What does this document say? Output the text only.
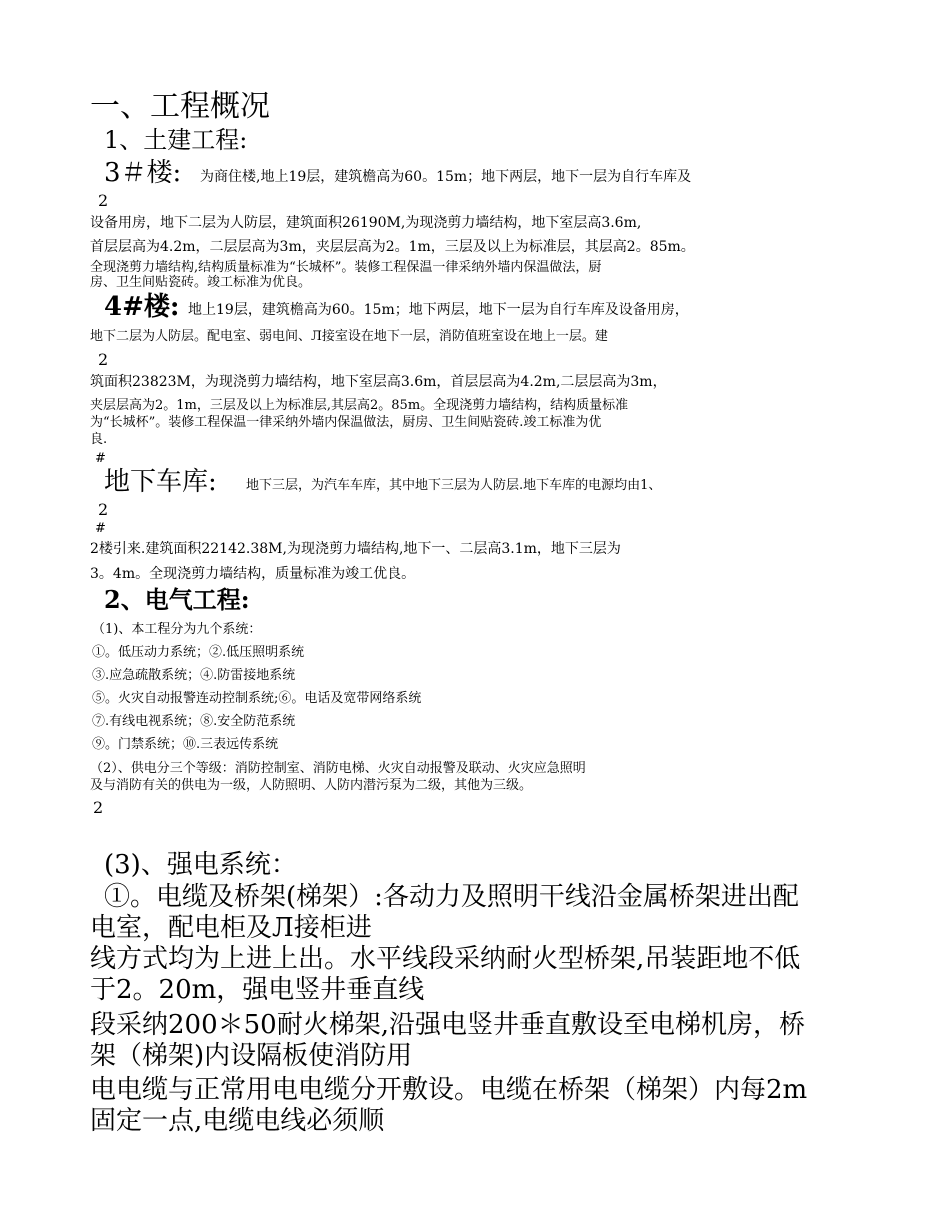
一、工程概况
1、土建工程:
3＃楼: 为商住楼,地上19层，建筑檐高为60。15m；地下两层，地下一层为自行车库及
2
设备用房，地下二层为人防层，建筑面积26190M,为现浇剪力墙结构，地下室层高3.6m,
首层层高为4.2m，二层层高为3m，夹层层高为2。1m，三层及以上为标准层，其层高2。85m。
全现浇剪力墙结构,结构质量标准为“长城杯”。装修工程保温一律采纳外墙内保温做法，厨
房、卫生间贴瓷砖。竣工标准为优良。
4#楼: 地上19层，建筑檐高为60。15m；地下两层，地下一层为自行车库及设备用房，
地下二层为人防层。配电室、弱电间、Л接室设在地下一层，消防值班室设在地上一层。建
2
筑面积23823M，为现浇剪力墙结构，地下室层高3.6m，首层层高为4.2m,二层层高为3m，
夹层层高为2。1m，三层及以上为标准层,其层高2。85m。全现浇剪力墙结构，结构质量标准
为“长城杯”。装修工程保温一律采纳外墙内保温做法，厨房、卫生间贴瓷砖.竣工标准为优
良.
#
地下车库: 地下三层，为汽车车库，其中地下三层为人防层.地下车库的电源均由1、
2
#
2楼引来.建筑面积22142.38M,为现浇剪力墙结构,地下一、二层高3.1m，地下三层为
3。4m。全现浇剪力墙结构，质量标准为竣工优良。
2、电气工程:
（1)、本工程分为九个系统：
①。低压动力系统；②.低压照明系统
③.应急疏散系统；④.防雷接地系统
⑤。火灾自动报警连动控制系统;⑥。电话及宽带网络系统
⑦.有线电视系统；⑧.安全防范系统
⑨。门禁系统；⑩.三表远传系统
（2）、供电分三个等级：消防控制室、消防电梯、火灾自动报警及联动、火灾应急照明
及与消防有关的供电为一级，人防照明、人防内潜污泵为二级，其他为三级。
2
(3)、强电系统：
①。电缆及桥架(梯架）:各动力及照明干线沿金属桥架进出配
电室，配电柜及Л接柜进
线方式均为上进上出。水平线段采纳耐火型桥架,吊装距地不低
于2。20m，强电竖井垂直线
段采纳200＊50耐火梯架,沿强电竖井垂直敷设至电梯机房，桥
架（梯架)内设隔板使消防用
电电缆与正常用电电缆分开敷设。电缆在桥架（梯架）内每2m
固定一点,电缆电线必须顺
